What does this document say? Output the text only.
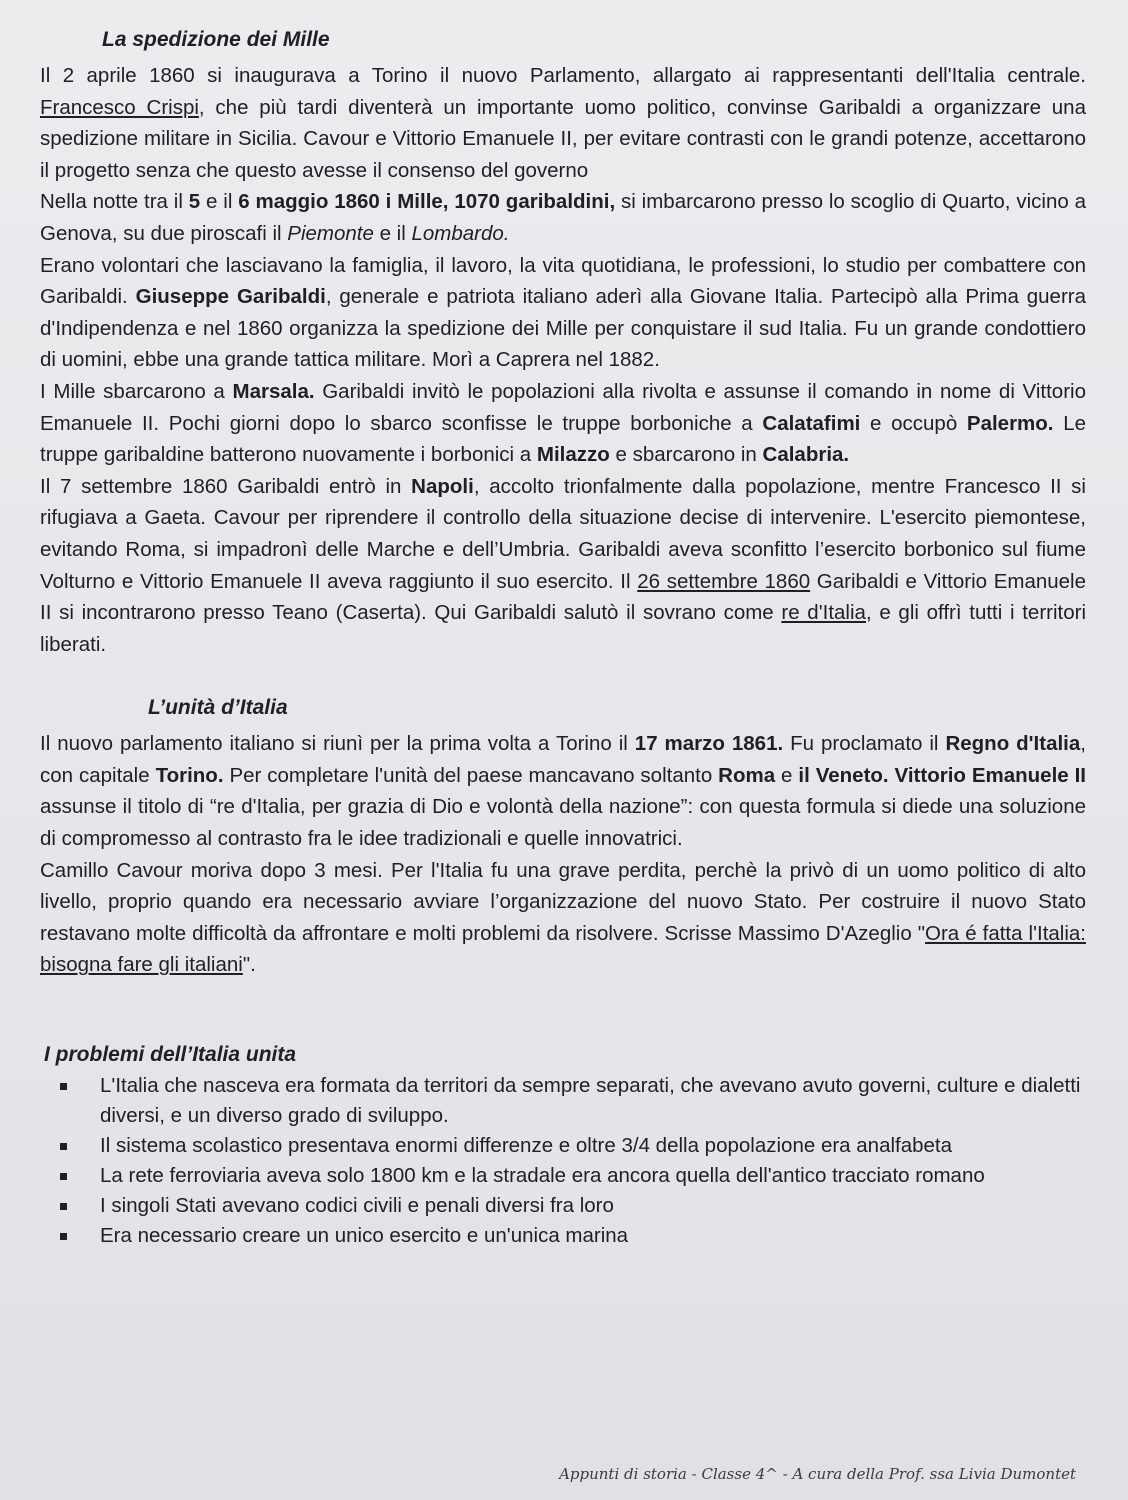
La spedizione dei Mille

Il 2 aprile 1860 si inaugurava a Torino il nuovo Parlamento, allargato ai rappresentanti dell'Italia centrale. Francesco Crispi, che più tardi diventerà un importante uomo politico, convinse Garibaldi a organizzare una spedizione militare in Sicilia. Cavour e Vittorio Emanuele II, per evitare contrasti con le grandi potenze, accettarono il progetto senza che questo avesse il consenso del governo

Nella notte tra il 5 e il 6 maggio 1860 i Mille, 1070 garibaldini, si imbarcarono presso lo scoglio di Quarto, vicino a Genova, su due piroscafi il Piemonte e il Lombardo.

Erano volontari che lasciavano la famiglia, il lavoro, la vita quotidiana, le professioni, lo studio per combattere con Garibaldi. Giuseppe Garibaldi, generale e patriota italiano aderì alla Giovane Italia. Partecipò alla Prima guerra d'Indipendenza e nel 1860 organizza la spedizione dei Mille per conquistare il sud Italia. Fu un grande condottiero di uomini, ebbe una grande tattica militare. Morì a Caprera nel 1882.

I Mille sbarcarono a Marsala. Garibaldi invitò le popolazioni alla rivolta e assunse il comando in nome di Vittorio Emanuele II. Pochi giorni dopo lo sbarco sconfisse le truppe borboniche a Calatafimi e occupò Palermo. Le truppe garibaldine batterono nuovamente i borbonici a Milazzo e sbarcarono in Calabria.

Il 7 settembre 1860 Garibaldi entrò in Napoli, accolto trionfalmente dalla popolazione, mentre Francesco II si rifugiava a Gaeta. Cavour per riprendere il controllo della situazione decise di intervenire. L'esercito piemontese, evitando Roma, si impadronì delle Marche e dell’Umbria. Garibaldi aveva sconfitto l’esercito borbonico sul fiume Volturno e Vittorio Emanuele II aveva raggiunto il suo esercito. Il 26 settembre 1860 Garibaldi e Vittorio Emanuele II si incontrarono presso Teano (Caserta). Qui Garibaldi salutò il sovrano come re d'Italia, e gli offrì tutti i territori liberati.

L’unità d’Italia

Il nuovo parlamento italiano si riunì per la prima volta a Torino il 17 marzo 1861. Fu proclamato il Regno d'Italia, con capitale Torino. Per completare l'unità del paese mancavano soltanto Roma e il Veneto. Vittorio Emanuele II assunse il titolo di “re d'Italia, per grazia di Dio e volontà della nazione”: con questa formula si diede una soluzione di compromesso al contrasto fra le idee tradizionali e quelle innovatrici.

Camillo Cavour moriva dopo 3 mesi. Per l'Italia fu una grave perdita, perchè la privò di un uomo politico di alto livello, proprio quando era necessario avviare l’organizzazione del nuovo Stato. Per costruire il nuovo Stato restavano molte difficoltà da affrontare e molti problemi da risolvere. Scrisse Massimo D'Azeglio "Ora é fatta l'Italia: bisogna fare gli italiani".

I problemi dell’Italia unita
L'Italia che nasceva era formata da territori da sempre separati, che avevano avuto governi, culture e dialetti diversi, e un diverso grado di sviluppo.
Il sistema scolastico presentava enormi differenze e oltre 3/4 della popolazione era analfabeta
La rete ferroviaria aveva solo 1800 km e la stradale era ancora quella dell'antico tracciato romano
I singoli Stati avevano codici civili e penali diversi fra loro
Era necessario creare un unico esercito e un'unica marina
Appunti di storia - Classe 4^ - A cura della Prof. ssa Livia Dumontet
